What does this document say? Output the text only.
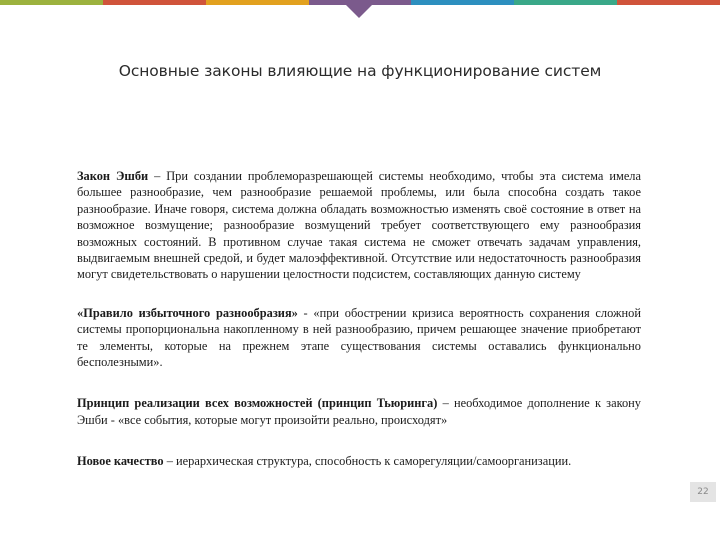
Основные законы влияющие на функционирование систем

Закон Эшби – При создании проблеморазрешающей системы необходимо, чтобы эта система имела большее разнообразие, чем разнообразие решаемой проблемы, или была способна создать такое разнообразие. Иначе говоря, система должна обладать возможностью изменять своё состояние в ответ на возможное возмущение; разнообразие возмущений требует соответствующего ему разнообразия возможных состояний. В противном случае такая система не сможет отвечать задачам управления, выдвигаемым внешней средой, и будет малоэффективной. Отсутствие или недостаточность разнообразия могут свидетельствовать о нарушении целостности подсистем, составляющих данную систему

«Правило избыточного разнообразия» - «при обострении кризиса вероятность сохранения сложной системы пропорциональна накопленному в ней разнообразию, причем решающее значение приобретают те элементы, которые на прежнем этапе существования системы оставались функционально бесполезными».

Принцип реализации всех возможностей (принцип Тьюринга) – необходимое дополнение к закону Эшби - «все события, которые могут произойти реально, происходят»

Новое качество – иерархическая структура, способность к саморегуляции/самоорганизации.

22
